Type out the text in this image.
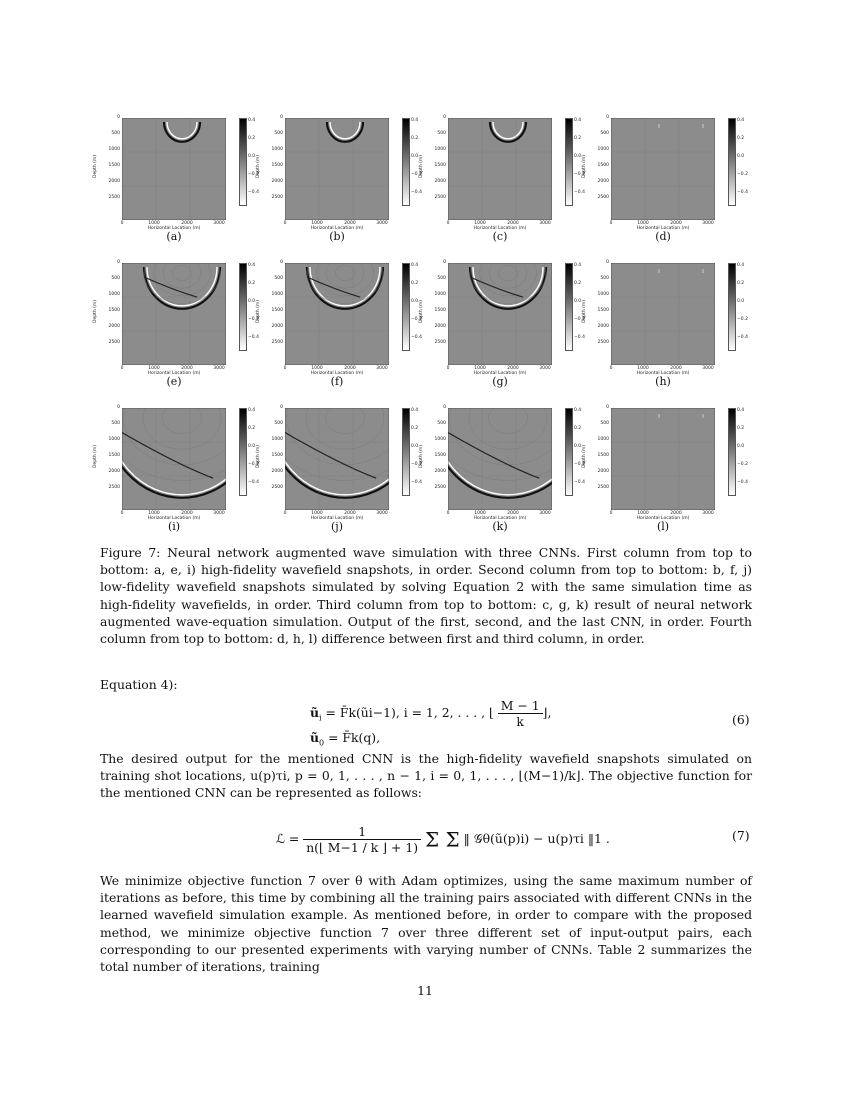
Depth (m)
0
500
1000
1500
2000
2500
0	1000	2000	3000
Horizontal Location (m)
0.4
0.2
0.0
−0.2
−0.4
(a)
Depth (m)
0
500
1000
1500
2000
2500
0	1000	2000	3000
Horizontal Location (m)
0.4
0.2
0.0
−0.2
−0.4
(b)
Depth (m)
0
500
1000
1500
2000
2500
0	1000	2000	3000
Horizontal Location (m)
0.4
0.2
0.0
−0.2
−0.4
(c)
Depth (m)
0
500
1000
1500
2000
2500
0	1000	2000	3000
Horizontal Location (m)
0.4
0.2
0.0
−0.2
−0.4
(d)
Depth (m)
0
500
1000
1500
2000
2500
0	1000	2000	3000
Horizontal Location (m)
0.4
0.2
0.0
−0.2
−0.4
(e)
Depth (m)
0
500
1000
1500
2000
2500
0	1000	2000	3000
Horizontal Location (m)
0.4
0.2
0.0
−0.2
−0.4
(f)
Depth (m)
0
500
1000
1500
2000
2500
0	1000	2000	3000
Horizontal Location (m)
0.4
0.2
0.0
−0.2
−0.4
(g)
Depth (m)
0
500
1000
1500
2000
2500
0	1000	2000	3000
Horizontal Location (m)
0.4
0.2
0.0
−0.2
−0.4
(h)
Depth (m)
0
500
1000
1500
2000
2500
0	1000	2000	3000
Horizontal Location (m)
0.4
0.2
0.0
−0.2
−0.4
(i)
Depth (m)
0
500
1000
1500
2000
2500
0	1000	2000	3000
Horizontal Location (m)
0.4
0.2
0.0
−0.2
−0.4
(j)
Depth (m)
0
500
1000
1500
2000
2500
0	1000	2000	3000
Horizontal Location (m)
0.4
0.2
0.0
−0.2
−0.4
(k)
Depth (m)
0
500
1000
1500
2000
2500
0	1000	2000	3000
Horizontal Location (m)
0.4
0.2
0.0
−0.2
−0.4
(l)
Figure 7: Neural network augmented wave simulation with three CNNs. First column from top to bottom: a, e, i) high-fidelity wavefield snapshots, in order. Second column from top to bottom: b, f, j) low-fidelity wavefield snapshots simulated by solving Equation 2 with the same simulation time as high-fidelity wavefields, in order. Third column from top to bottom: c, g, k) result of neural network augmented wave-equation simulation. Output of the first, second, and the last CNN, in order. Fourth column from top to bottom: d, h, l) difference between first and third column, in order.
Equation 4):
$ũ_i$ = F̄k(ũi−1), i = 1, 2, . . . , ⌊ $\frac{M - 1}{k}$ ⌋,
$ũ_0$ = F̄k(q),
(6)
The desired output for the mentioned CNN is the high-fidelity wavefield snapshots simulated on training shot locations, u(p)τi, p = 0, 1, . . . , n − 1, i = 0, 1, . . . , ⌊(M−1)/k⌋. The objective function for the mentioned CNN can be represented as follows:
ℒ = $\frac{1}{n(⌊ M-1 / k ⌋ + 1)}$ Σ Σ ‖ 𝒢θ(ũ(p)i) − u(p)τi ‖1 .	(7)
We minimize objective function 7 over θ with Adam optimizes, using the same maximum number of iterations as before, this time by combining all the training pairs associated with different CNNs in the learned wavefield simulation example. As mentioned before, in order to compare with the proposed method, we minimize objective function 7 over three different set of input-output pairs, each corresponding to our presented experiments with varying number of CNNs. Table 2 summarizes the total number of iterations, training
11
